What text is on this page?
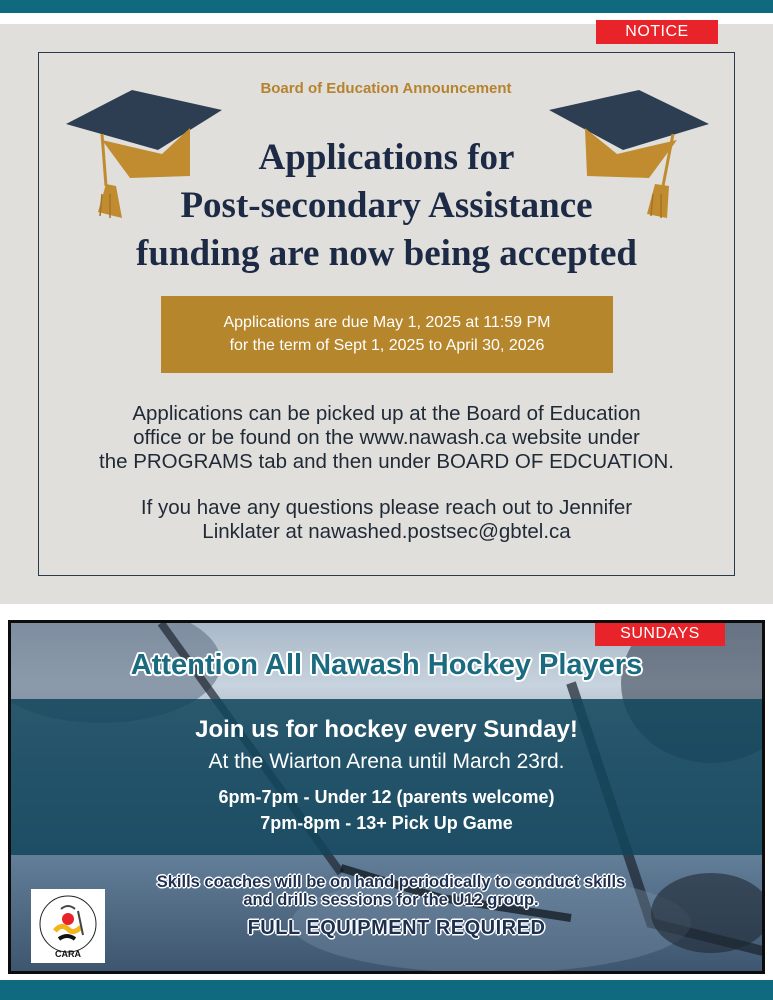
NOTICE
Board of Education Announcement
Applications for
Post-secondary Assistance
funding are now being accepted
Applications are due May 1, 2025 at 11:59 PM
for the term of Sept 1, 2025 to April 30, 2026
Applications can be picked up at the Board of Education
office or be found on the www.nawash.ca website under
the PROGRAMS tab and then under BOARD OF EDCUATION.
If you have any questions please reach out to Jennifer
Linklater at nawashed.postsec@gbtel.ca
SUNDAYS
Attention All Nawash Hockey Players
Join us for hockey every Sunday!
At the Wiarton Arena until March 23rd.
6pm-7pm - Under 12 (parents welcome)
7pm-8pm - 13+ Pick Up Game
Skills coaches will be on hand periodically to conduct skills
and drills sessions for the U12 group.
FULL EQUIPMENT REQUIRED
CARA
